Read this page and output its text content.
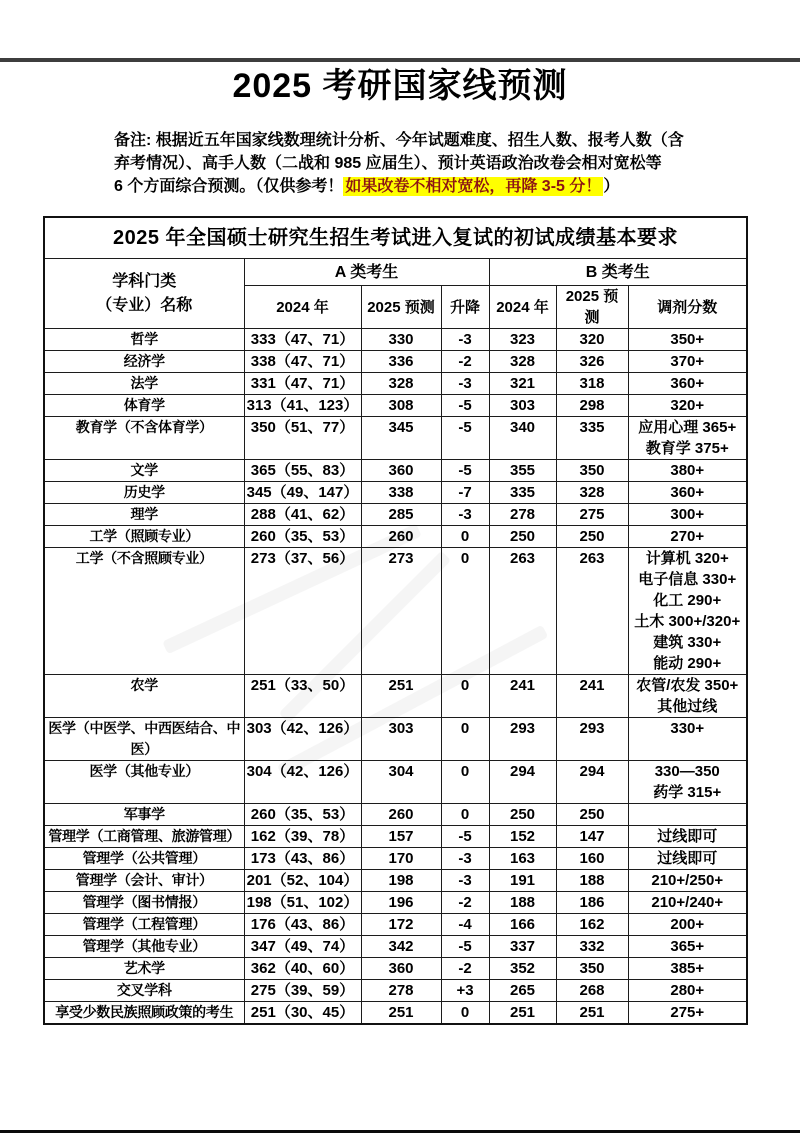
2025 考研国家线预测
备注: 根据近五年国家线数理统计分析、今年试题难度、招生人数、报考人数（含
弃考情况）、高手人数（二战和 985 应届生）、预计英语政治改卷会相对宽松等
6 个方面综合预测。（仅供参考！ 如果改卷不相对宽松，再降 3-5 分！ ）
2025 年全国硕士研究生招生考试进入复试的初试成绩基本要求						
学科门类
（专业）名称	A 类考生			B 类考生		
	2024 年	2025 预测	升降	2024 年	2025 预测	调剂分数
哲学	333（47、71）	330	-3	323	320	350+

经济学	338（47、71）	336	-2	328	326	370+

法学	331（47、71）	328	-3	321	318	360+

体育学	313（41、123）	308	-5	303	298	320+

教育学（不含体育学）	350（51、77）	345	-5	340	335	应用心理 365+
教育学 375+

文学	365（55、83）	360	-5	355	350	380+

历史学	345（49、147）	338	-7	335	328	360+

理学	288（41、62）	285	-3	278	275	300+

工学（照顾专业）	260（35、53）	260	0	250	250	270+

工学（不含照顾专业）	273（37、56）	273	0	263	263	计算机 320+
电子信息 330+
化工 290+
土木 300+/320+
建筑 330+
能动 290+

农学	251（33、50）	251	0	241	241	农管/农发 350+
其他过线

医学（中医学、中西医结合、中医）	303（42、126）	303	0	293	293	330+

医学（其他专业）	304（42、126）	304	0	294	294	330—350
药学 315+

军事学	260（35、53）	260	0	250	250	
管理学（工商管理、旅游管理）	162（39、78）	157	-5	152	147	过线即可

管理学（公共管理）	173（43、86）	170	-3	163	160	过线即可

管理学（会计、审计）	201（52、104）	198	-3	191	188	210+/250+

管理学（图书情报）	198（51、102）	196	-2	188	186	210+/240+

管理学（工程管理）	176（43、86）	172	-4	166	162	200+

管理学（其他专业）	347（49、74）	342	-5	337	332	365+

艺术学	362（40、60）	360	-2	352	350	385+

交叉学科	275（39、59）	278	+3	265	268	280+

享受少数民族照顾政策的考生	251（30、45）	251	0	251	251	275+
